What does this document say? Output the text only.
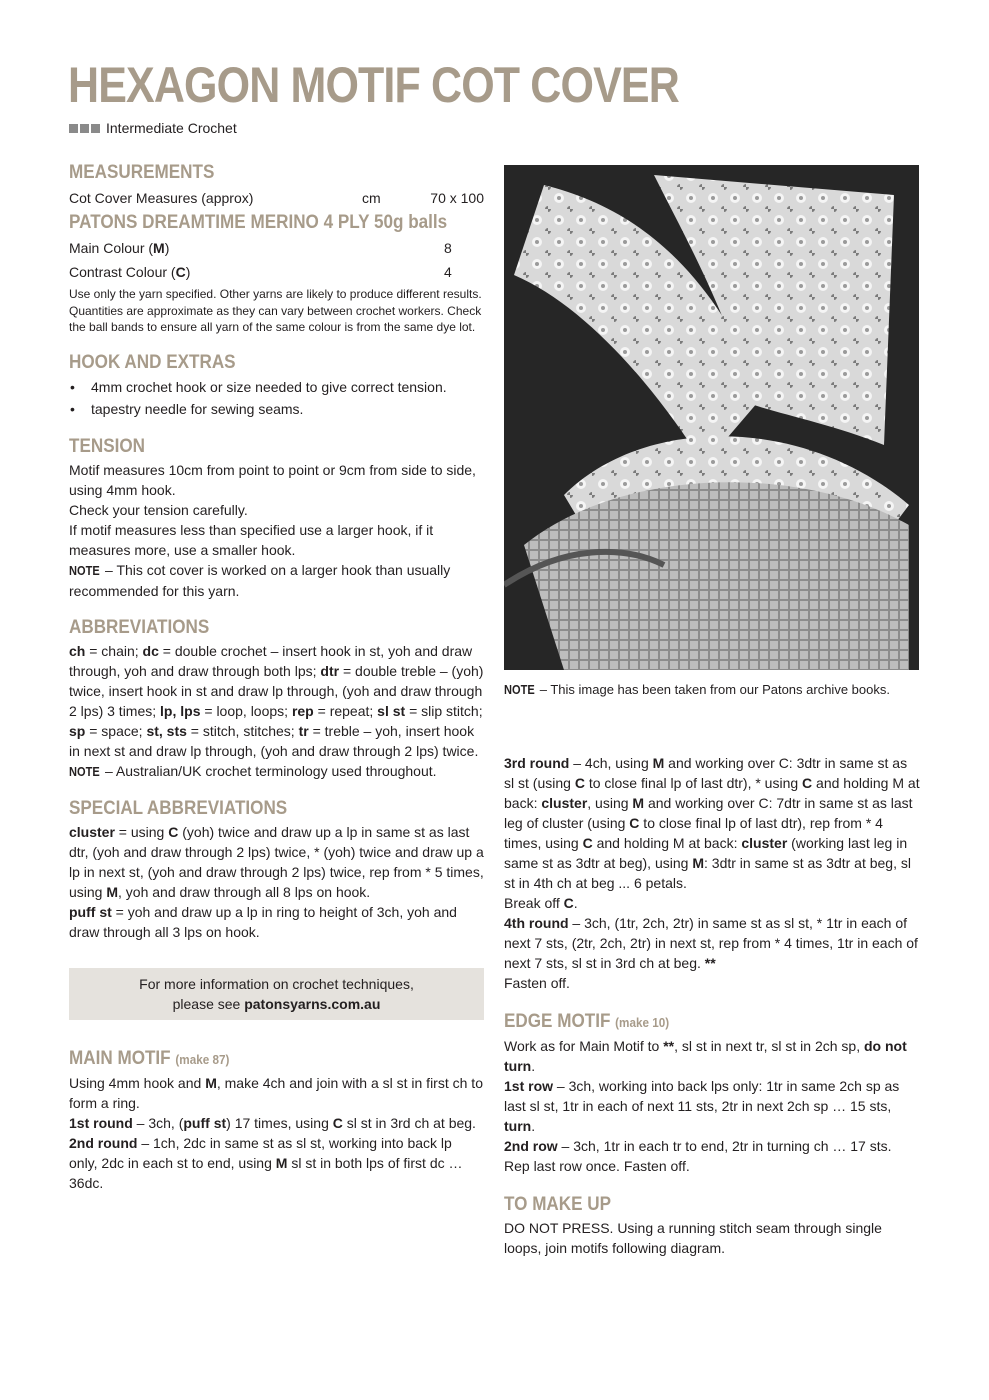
HEXAGON MOTIF COT COVER
Intermediate Crochet
MEASUREMENTS
Cot Cover Measures (approx)	cm	70 x 100
PATONS DREAMTIME MERINO 4 PLY 50g balls
Main Colour (M)	8
Contrast Colour (C)	4

Use only the yarn specified. Other yarns are likely to produce different results.

Quantities are approximate as they can vary between crochet workers. Check the ball bands to ensure all yarn of the same colour is from the same dye lot.

HOOK AND EXTRAS
• 4mm crochet hook or size needed to give correct tension.
• tapestry needle for sewing seams.
TENSION

Motif measures 10cm from point to point or 9cm from side to side, using 4mm hook.

Check your tension carefully.

If motif measures less than specified use a larger hook, if it measures more, use a smaller hook.

NOTE – This cot cover is worked on a larger hook than usually recommended for this yarn.

ABBREVIATIONS

ch = chain; dc = double crochet – insert hook in st, yoh and draw through, yoh and draw through both lps; dtr = double treble – (yoh) twice, insert hook in st and draw lp through, (yoh and draw through 2 lps) 3 times; lp, lps = loop, loops; rep = repeat; sl st = slip stitch; sp = space; st, sts = stitch, stitches; tr = treble – yoh, insert hook in next st and draw lp through, (yoh and draw through 2 lps) twice.

NOTE – Australian/UK crochet terminology used throughout.

SPECIAL ABBREVIATIONS

cluster = using C (yoh) twice and draw up a lp in same st as last dtr, (yoh and draw through 2 lps) twice, * (yoh) twice and draw up a lp in next st, (yoh and draw through 2 lps) twice, rep from * 5 times, using M, yoh and draw through all 8 lps on hook.

puff st = yoh and draw up a lp in ring to height of 3ch, yoh and draw through all 3 lps on hook.

For more information on crochet techniques,
please see patonsyarns.com.au
MAIN MOTIF (make 87)

Using 4mm hook and M, make 4ch and join with a sl st in first ch to form a ring.

1st round – 3ch, (puff st) 17 times, using C sl st in 3rd ch at beg.

2nd round – 1ch, 2dc in same st as sl st, working into back lp only, 2dc in each st to end, using M sl st in both lps of first dc … 36dc.

NOTE – This image has been taken from our Patons archive books.

3rd round – 4ch, using M and working over C: 3dtr in same st as sl st (using C to close final lp of last dtr), * using C and holding M at back: cluster, using M and working over C: 7dtr in same st as last leg of cluster (using C to close final lp of last dtr), rep from * 4 times, using C and holding M at back: cluster (working last leg in same st as 3dtr at beg), using M: 3dtr in same st as 3dtr at beg, sl st in 4th ch at beg ... 6 petals.

Break off C.

4th round – 3ch, (1tr, 2ch, 2tr) in same st as sl st, * 1tr in each of next 7 sts, (2tr, 2ch, 2tr) in next st, rep from * 4 times, 1tr in each of next 7 sts, sl st in 3rd ch at beg. **

Fasten off.

EDGE MOTIF (make 10)

Work as for Main Motif to **, sl st in next tr, sl st in 2ch sp, do not turn.

1st row – 3ch, working into back lps only: 1tr in same 2ch sp as last sl st, 1tr in each of next 11 sts, 2tr in next 2ch sp … 15 sts, turn.

2nd row – 3ch, 1tr in each tr to end, 2tr in turning ch … 17 sts. Rep last row once. Fasten off.

TO MAKE UP

DO NOT PRESS. Using a running stitch seam through single loops, join motifs following diagram.
